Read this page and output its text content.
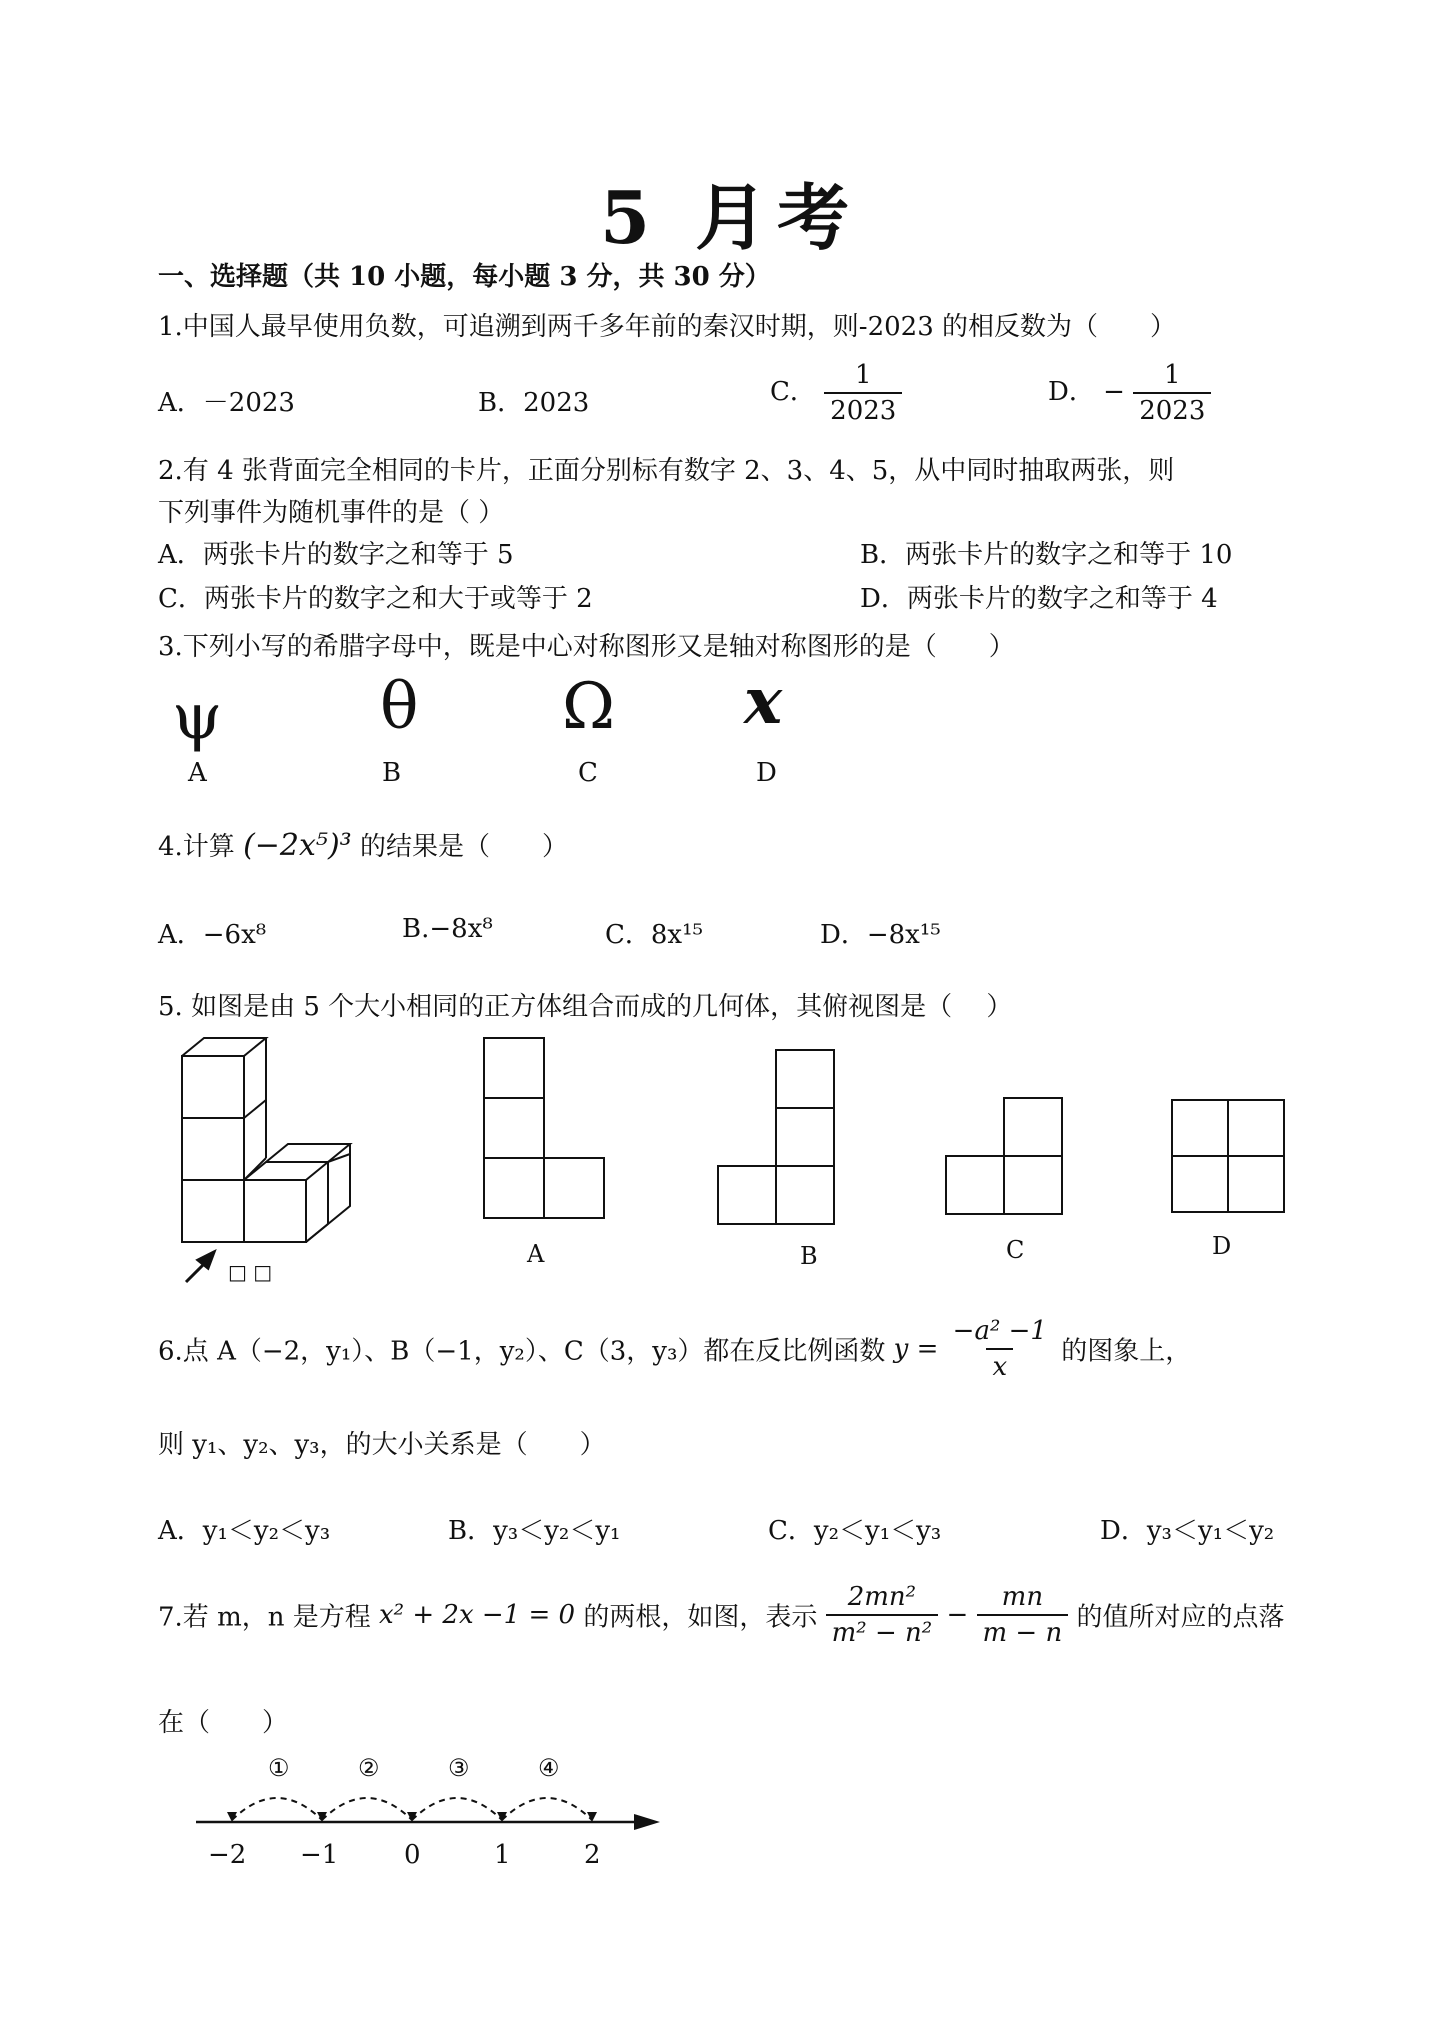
5 月考
一、选择题（共 10 小题，每小题 3 分，共 30 分）
1.中国人最早使用负数，可追溯到两千多年前的秦汉时期，则-2023 的相反数为（　　）
A．－2023	B．2023	C． $\frac{1}{2023}$	D． − $\frac{1}{2023}$
2.有 4 张背面完全相同的卡片，正面分别标有数字 2、3、4、5，从中同时抽取两张，则
下列事件为随机事件的是（ ）
A．两张卡片的数字之和等于 5	B．两张卡片的数字之和等于 10
C．两张卡片的数字之和大于或等于 2	D．两张卡片的数字之和等于 4
3.下列小写的希腊字母中，既是中心对称图形又是轴对称图形的是（　　）
ψ θ Ω x
A	B	C	D
4.计算 (−2x⁵)³ 的结果是（　　）
A．−6x⁸	B.−8x⁸	C．8x¹⁵	D．−8x¹⁵
5. 如图是由 5 个大小相同的正方体组合而成的几何体，其俯视图是（　 ）
□ □
A	B	C	D
6.点 A（−2，y₁）、B（−1，y₂）、C（3，y₃）都在反比例函数 $y = \frac{\text{−a² −1}}{x}$ 的图象上，
则 y₁、y₂、y₃，的大小关系是（　　）
A．y₁＜y₂＜y₃	B．y₃＜y₂＜y₁	C．y₂＜y₁＜y₃	D．y₃＜y₁＜y₂
7.若 m，n 是方程 x² + 2x −1 = 0 的两根，如图，表示 $\frac{\text{2mn²}}{\text{m² − n²}} - \frac{mn}{m - n}$ 的值所对应的点落
在（　　）
①	②	③	④
−2 −1	0	1	2
